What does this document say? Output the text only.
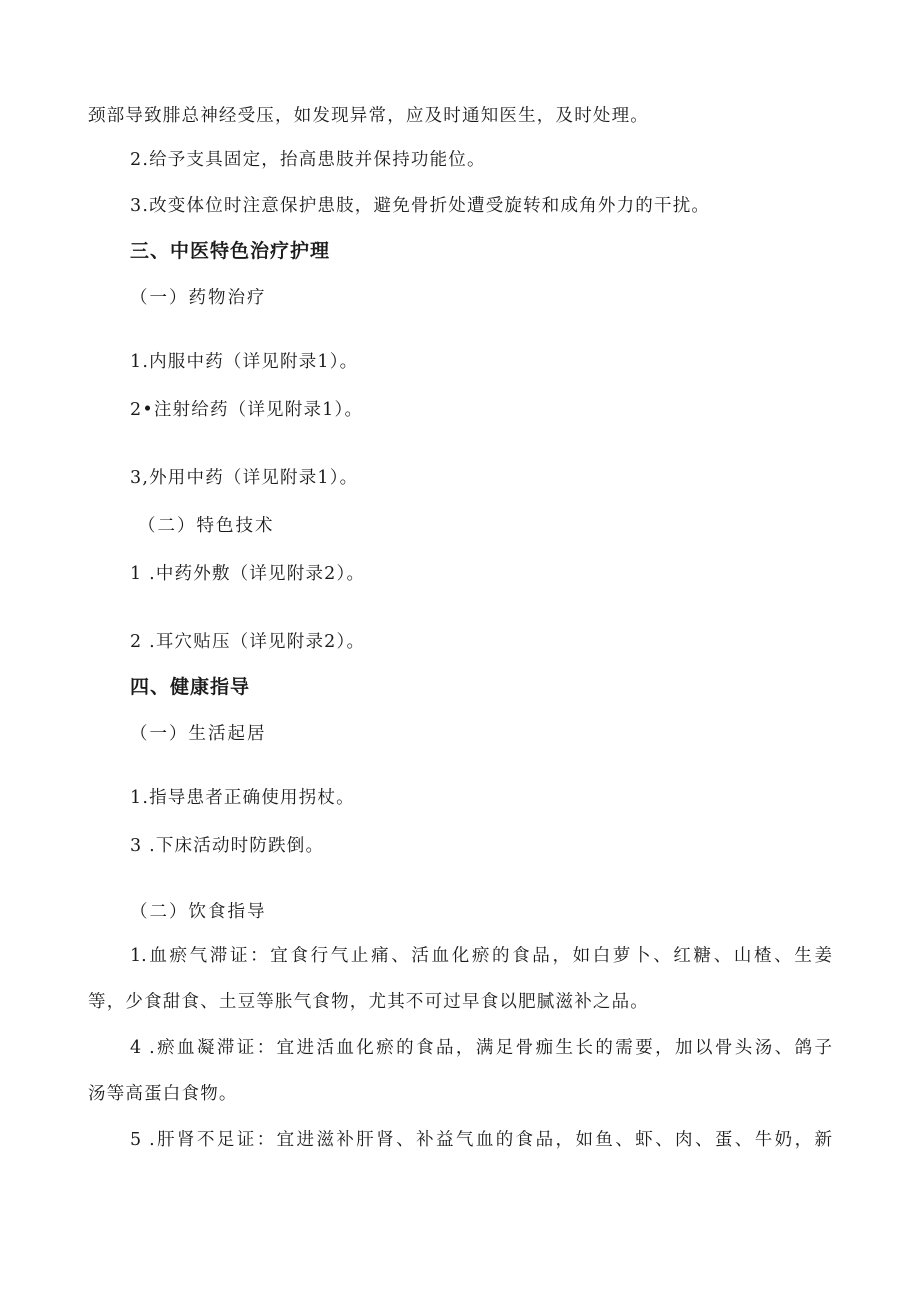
颈部导致腓总神经受压，如发现异常，应及时通知医生，及时处理。

2.给予支具固定，抬高患肢并保持功能位。

3.改变体位时注意保护患肢，避免骨折处遭受旋转和成角外力的干扰。

三、中医特色治疗护理

（一）药物治疗

1.内服中药（详见附录1）。

2•注射给药（详见附录1）。

3,外用中药（详见附录1）。

（二）特色技术

1 .中药外敷（详见附录2）。

2 .耳穴贴压（详见附录2）。

四、健康指导

（一）生活起居

1.指导患者正确使用拐杖。

3 .下床活动时防跌倒。

（二）饮食指导

1.血瘀气滞证：宜食行气止痛、活血化瘀的食品，如白萝卜、红糖、山楂、生姜

等，少食甜食、土豆等胀气食物，尤其不可过早食以肥腻滋补之品。

4 .瘀血凝滞证：宜进活血化瘀的食品，满足骨痂生长的需要，加以骨头汤、鸽子

汤等高蛋白食物。

5 .肝肾不足证：宜进滋补肝肾、补益气血的食品，如鱼、虾、肉、蛋、牛奶，新
